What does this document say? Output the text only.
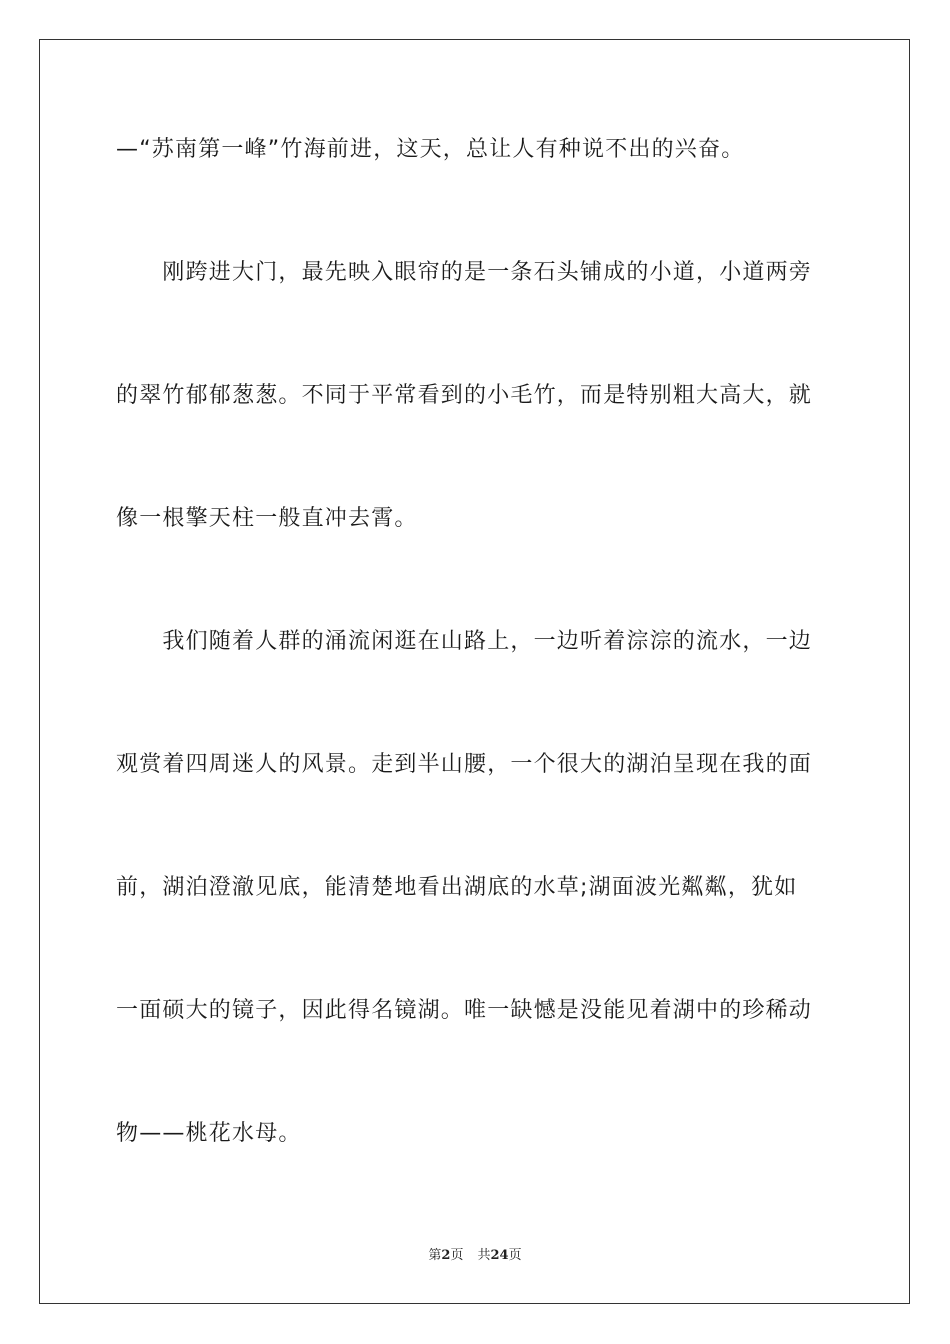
—“苏南第一峰”竹海前进，这天，总让人有种说不出的兴奋。
　　刚跨进大门，最先映入眼帘的是一条石头铺成的小道，小道两旁
的翠竹郁郁葱葱。不同于平常看到的小毛竹，而是特别粗大高大，就
像一根擎天柱一般直冲去霄。
　　我们随着人群的涌流闲逛在山路上，一边听着淙淙的流水，一边
观赏着四周迷人的风景。走到半山腰，一个很大的湖泊呈现在我的面
前，湖泊澄澈见底，能清楚地看出湖底的水草;湖面波光粼粼，犹如
一面硕大的镜子，因此得名镜湖。唯一缺憾是没能见着湖中的珍稀动
物——桃花水母。
第2页 共24页
